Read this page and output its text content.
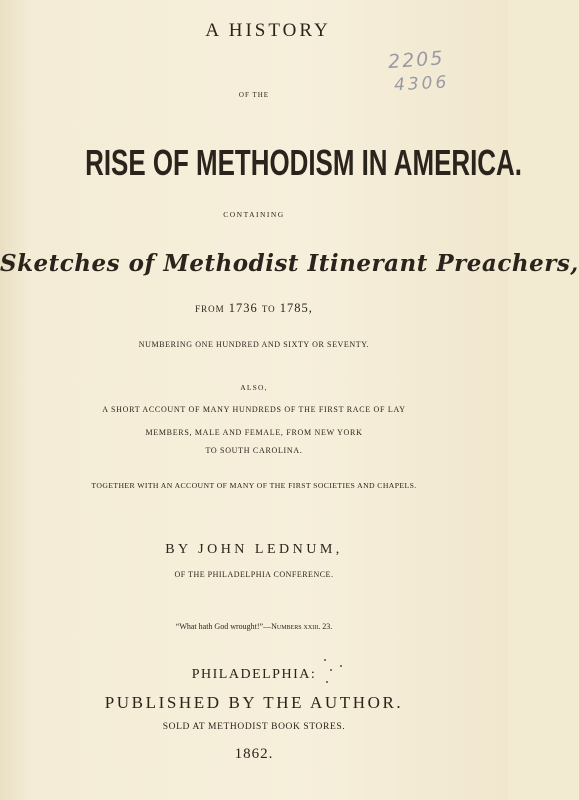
2205
4306
A HISTORY
OF THE
RISE OF METHODISM IN AMERICA.
CONTAINING
Sketches of Methodist Itinerant Preachers,
from 1736 to 1785,
NUMBERING ONE HUNDRED AND SIXTY OR SEVENTY.
ALSO,
A SHORT ACCOUNT OF MANY HUNDREDS OF THE FIRST RACE OF LAY
MEMBERS, MALE AND FEMALE, FROM NEW YORK
TO SOUTH CAROLINA.
TOGETHER WITH AN ACCOUNT OF MANY OF THE FIRST SOCIETIES AND CHAPELS.
BY JOHN LEDNUM,
OF THE PHILADELPHIA CONFERENCE.
“What hath God wrought!”—Numbers xxiii. 23.
PHILADELPHIA:
PUBLISHED BY THE AUTHOR.
SOLD AT METHODIST BOOK STORES.
1862.
